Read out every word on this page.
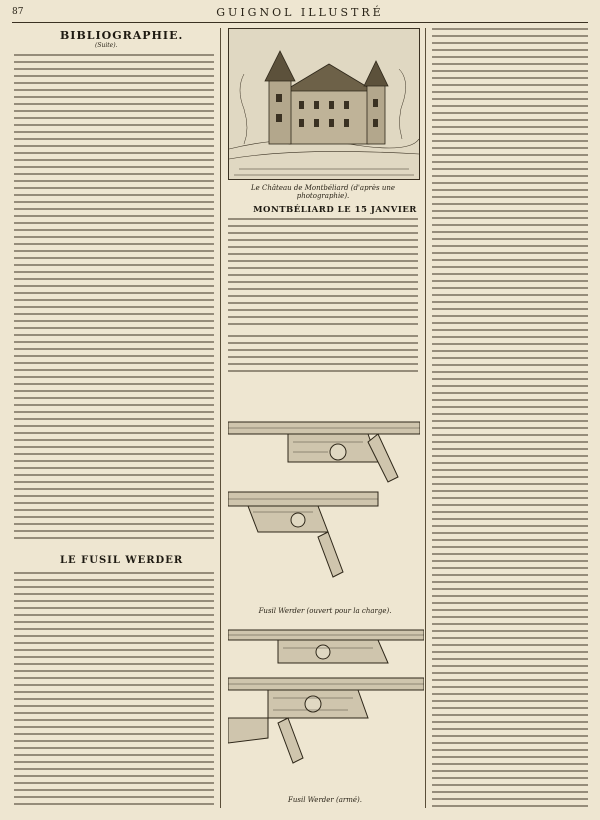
87	GUIGNOL ILLUSTRÉ
BIBLIOGRAPHIE.
(Suite).
Le Château de Montbéliard (d'après une photographie).
MONTBÉLIARD LE 15 JANVIER
LE FUSIL WERDER
Fusil Werder (ouvert pour la charge).
Fusil Werder (armé).
